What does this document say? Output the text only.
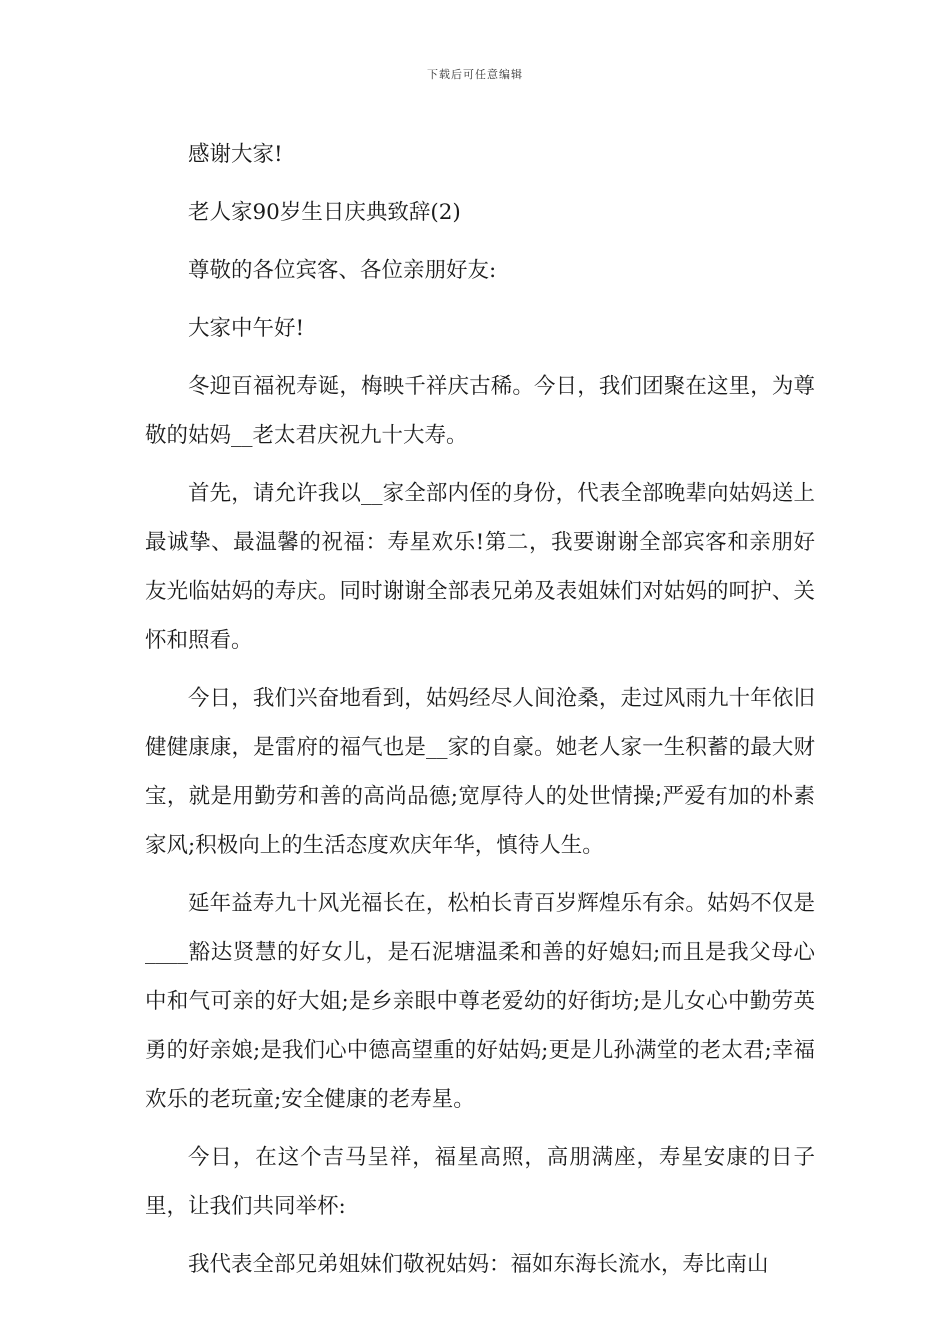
下载后可任意编辑

感谢大家!

老人家90岁生日庆典致辞(2)

尊敬的各位宾客、各位亲朋好友:

大家中午好!

冬迎百福祝寿诞，梅映千祥庆古稀。今日，我们团聚在这里，为尊敬的姑妈__老太君庆祝九十大寿。

首先，请允许我以__家全部内侄的身份，代表全部晚辈向姑妈送上最诚挚、最温馨的祝福：寿星欢乐!第二，我要谢谢全部宾客和亲朋好友光临姑妈的寿庆。同时谢谢全部表兄弟及表姐妹们对姑妈的呵护、关怀和照看。

今日，我们兴奋地看到，姑妈经尽人间沧桑，走过风雨九十年依旧健健康康，是雷府的福气也是__家的自豪。她老人家一生积蓄的最大财宝，就是用勤劳和善的高尚品德;宽厚待人的处世情操;严爱有加的朴素家风;积极向上的生活态度欢庆年华，慎待人生。

延年益寿九十风光福长在，松柏长青百岁辉煌乐有余。姑妈不仅是____豁达贤慧的好女儿，是石泥塘温柔和善的好媳妇;而且是我父母心中和气可亲的好大姐;是乡亲眼中尊老爱幼的好街坊;是儿女心中勤劳英勇的好亲娘;是我们心中德高望重的好姑妈;更是儿孙满堂的老太君;幸福欢乐的老玩童;安全健康的老寿星。

今日，在这个吉马呈祥，福星高照，高朋满座，寿星安康的日子里，让我们共同举杯:

我代表全部兄弟姐妹们敬祝姑妈：福如东海长流水，寿比南山
